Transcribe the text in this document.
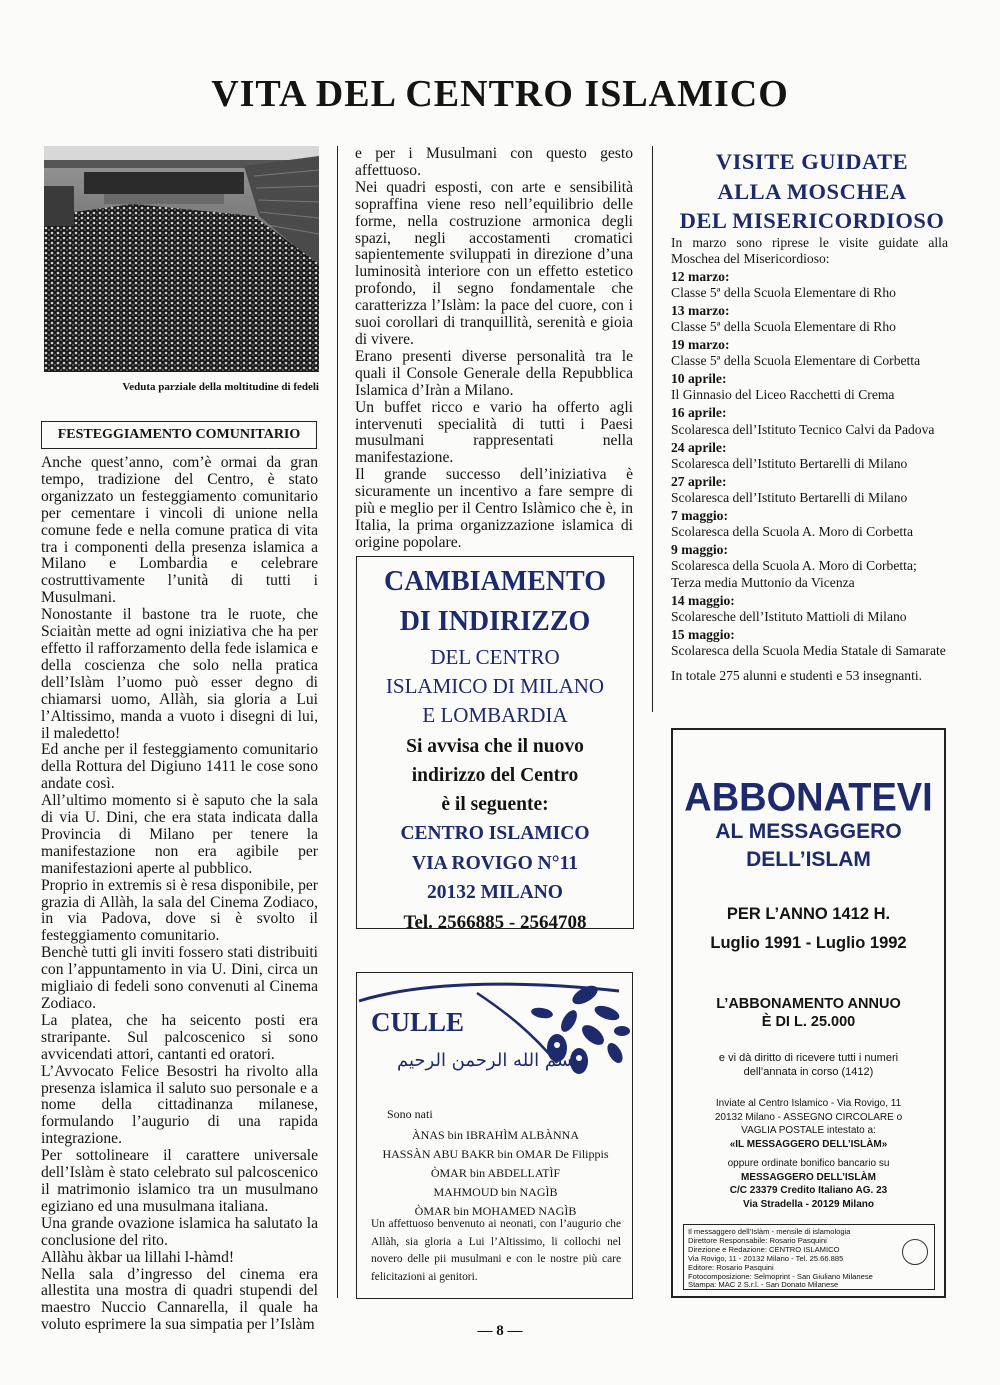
VITA DEL CENTRO ISLAMICO
Veduta parziale della moltitudine di fedeli
FESTEGGIAMENTO COMUNITARIO

Anche quest’anno, com’è ormai da gran tempo, tradizione del Centro, è stato organizzato un festeggiamento comunitario per cementare i vincoli di unione nella comune fede e nella comune pratica di vita tra i componenti della presenza islamica a Milano e Lombardia e celebrare costruttivamente l’unità di tutti i Musulmani.

Nonostante il bastone tra le ruote, che Sciaitàn mette ad ogni iniziativa che ha per effetto il rafforzamento della fede islamica e della coscienza che solo nella pratica dell’Islàm l’uomo può esser degno di chiamarsi uomo, Allàh, sia gloria a Lui l’Altissimo, manda a vuoto i disegni di lui, il maledetto!

Ed anche per il festeggiamento comunitario della Rottura del Digiuno 1411 le cose sono andate così.

All’ultimo momento si è saputo che la sala di via U. Dini, che era stata indicata dalla Provincia di Milano per tenere la manifestazione non era agibile per manifestazioni aperte al pubblico.

Proprio in extremis si è resa disponibile, per grazia di Allàh, la sala del Cinema Zodiaco, in via Padova, dove si è svolto il festeggiamento comunitario.

Benchè tutti gli inviti fossero stati distribuiti con l’appuntamento in via U. Dini, circa un migliaio di fedeli sono convenuti al Cinema Zodiaco.

La platea, che ha seicento posti era straripante. Sul palcoscenico si sono avvicendati attori, cantanti ed oratori.

L’Avvocato Felice Besostri ha rivolto alla presenza islamica il saluto suo personale e a nome della cittadinanza milanese, formulando l’augurio di una rapida integrazione.

Per sottolineare il carattere universale dell’Islàm è stato celebrato sul palcoscenico il matrimonio islamico tra un musulmano egiziano ed una musulmana italiana.

Una grande ovazione islamica ha salutato la conclusione del rito.

Allàhu àkbar ua lillahi l-hàmd!

Nella sala d’ingresso del cinema era allestita una mostra di quadri stupendi del maestro Nuccio Cannarella, il quale ha voluto esprimere la sua simpatia per l’Islàm

e per i Musulmani con questo gesto affettuoso.

Nei quadri esposti, con arte e sensibilità sopraffina viene reso nell’equilibrio delle forme, nella costruzione armonica degli spazi, negli accostamenti cromatici sapientemente sviluppati in direzione d’una luminosità interiore con un effetto estetico profondo, il segno fondamentale che caratterizza l’Islàm: la pace del cuore, con i suoi corollari di tranquillità, serenità e gioia di vivere.

Erano presenti diverse personalità tra le quali il Console Generale della Repubblica Islamica d’Iràn a Milano.

Un buffet ricco e vario ha offerto agli intervenuti specialità di tutti i Paesi musulmani rappresentati nella manifestazione.

Il grande successo dell’iniziativa è sicuramente un incentivo a fare sempre di più e meglio per il Centro Islàmico che è, in Italia, la prima organizzazione islamica di origine popolare.

CAMBIAMENTO
DI INDIRIZZO
DEL CENTRO
ISLAMICO DI MILANO
E LOMBARDIA
Si avvisa che il nuovo
indirizzo del Centro
è il seguente:
CENTRO ISLAMICO
VIA ROVIGO N°11
20132 MILANO
Tel. 2566885 - 2564708
CULLE
بسم الله الرحمن الرحيم
Sono nati
ÀNAS bin IBRAHÌM ALBÀNNA
HASSÀN ABU BAKR bin OMAR De Filippis
ÒMAR bin ABDELLATÌF
MAHMOUD bin NAGÌB
ÒMAR bin MOHAMED NAGÌB
Un affettuoso benvenuto ai neonati, con l’augurio che Allàh, sia gloria a Lui l’Altissimo, li collochi nel novero delle pii musulmani e con le nostre più care felicitazioni ai genitori.
VISITE GUIDATE
ALLA MOSCHEA
DEL MISERICORDIOSO

In marzo sono riprese le visite guidate alla Moschea del Misericordioso:

12 marzo:
Classe 5ª della Scuola Elementare di Rho
13 marzo:
Classe 5ª della Scuola Elementare di Rho
19 marzo:
Classe 5ª della Scuola Elementare di Corbetta
10 aprile:
Il Ginnasio del Liceo Racchetti di Crema
16 aprile:
Scolaresca dell’Istituto Tecnico Calvi da Padova
24 aprile:
Scolaresca dell’Istituto Bertarelli di Milano
27 aprile:
Scolaresca dell’Istituto Bertarelli di Milano
7 maggio:
Scolaresca della Scuola A. Moro di Corbetta
9 maggio:
Scolaresca della Scuola A. Moro di Corbetta; Terza media Muttonio da Vicenza
14 maggio:
Scolaresche dell’Istituto Mattioli di Milano
15 maggio:
Scolaresca della Scuola Media Statale di Samarate

In totale 275 alunni e studenti e 53 insegnanti.

ABBONATEVI
AL MESSAGGERO
DELL’ISLAM
PER L’ANNO 1412 H.
Luglio 1991 - Luglio 1992
L’ABBONAMENTO ANNUO
È DI L. 25.000
e vi dà diritto di ricevere tutti i numeri
dell’annata in corso (1412)
Inviate al Centro Islamico - Via Rovigo, 11
20132 Milano - ASSEGNO CIRCOLARE o
VAGLIA POSTALE intestato a:
«IL MESSAGGERO DELL’ISLÀM»
oppure ordinate bonifico bancario su
MESSAGGERO DELL’ISLÀM
C/C 23379 Credito Italiano AG. 23
Via Stradella - 20129 Milano
Il messaggero dell’Islàm - mensile di islamologia
Direttore Responsabile: Rosario Pasquini
Direzione e Redazione: CENTRO ISLAMICO
Via Rovigo, 11 - 20132 Milano - Tel. 25.66.885
Editore: Rosario Pasquini
Fotocomposizione: Selmoprint - San Giuliano Milanese
Stampa: MAC 2 S.r.l. - San Donato Milanese
— 8 —
